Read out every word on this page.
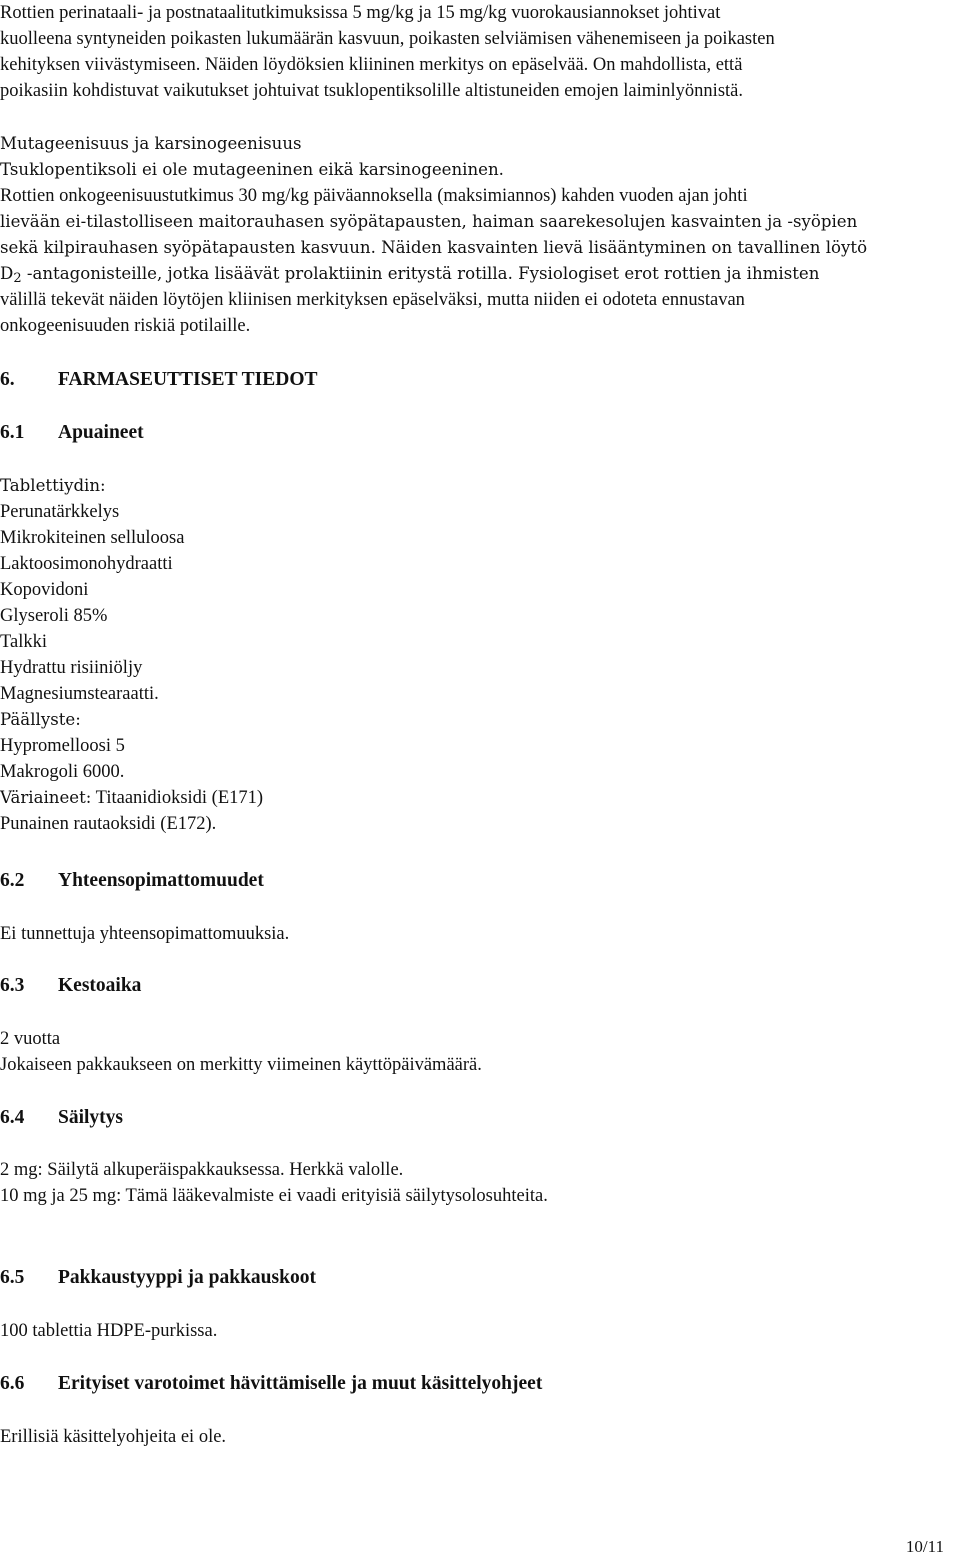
Rottien perinataali- ja postnataalitutkimuksissa 5 mg/kg ja 15 mg/kg vuorokausiannokset johtivat
kuolleena syntyneiden poikasten lukumäärän kasvuun, poikasten selviämisen vähenemiseen ja poikasten
kehityksen viivästymiseen. Näiden löydöksien kliininen merkitys on epäselvää. On mahdollista, että
poikasiin kohdistuvat vaikutukset johtuivat tsuklopentiksolille altistuneiden emojen laiminlyönnistä.
Mutageenisuus ja karsinogeenisuus
Tsuklopentiksoli ei ole mutageeninen eikä karsinogeeninen.
Rottien onkogeenisuustutkimus 30 mg/kg päiväannoksella (maksimiannos) kahden vuoden ajan johti
lievään ei-tilastolliseen maitorauhasen syöpätapausten, haiman saarekesolujen kasvainten ja -syöpien
sekä kilpirauhasen syöpätapausten kasvuun. Näiden kasvainten lievä lisääntyminen on tavallinen löytö
$D_2$ -antagonisteille, jotka lisäävät prolaktiinin eritystä rotilla. Fysiologiset erot rottien ja ihmisten
välillä tekevät näiden löytöjen kliinisen merkityksen epäselväksi, mutta niiden ei odoteta ennustavan
onkogeenisuuden riskiä potilaille.
6. FARMASEUTTISET TIEDOT
6.1 Apuaineet
Tablettiydin:
Perunatärkkelys
Mikrokiteinen selluloosa
Laktoosimonohydraatti
Kopovidoni
Glyseroli 85%
Talkki
Hydrattu risiiniöljy
Magnesiumstearaatti.
Päällyste:
Hypromelloosi 5
Makrogoli 6000.
Väriaineet: Titaanidioksidi (E171)
Punainen rautaoksidi (E172).
6.2 Yhteensopimattomuudet
Ei tunnettuja yhteensopimattomuuksia.
6.3 Kestoaika
2 vuotta
Jokaiseen pakkaukseen on merkitty viimeinen käyttöpäivämäärä.
6.4 Säilytys
2 mg: Säilytä alkuperäispakkauksessa. Herkkä valolle.
10 mg ja 25 mg: Tämä lääkevalmiste ei vaadi erityisiä säilytysolosuhteita.
6.5 Pakkaustyyppi ja pakkauskoot
100 tablettia HDPE-purkissa.
6.6 Erityiset varotoimet hävittämiselle ja muut käsittelyohjeet
Erillisiä käsittelyohjeita ei ole.
10/11
